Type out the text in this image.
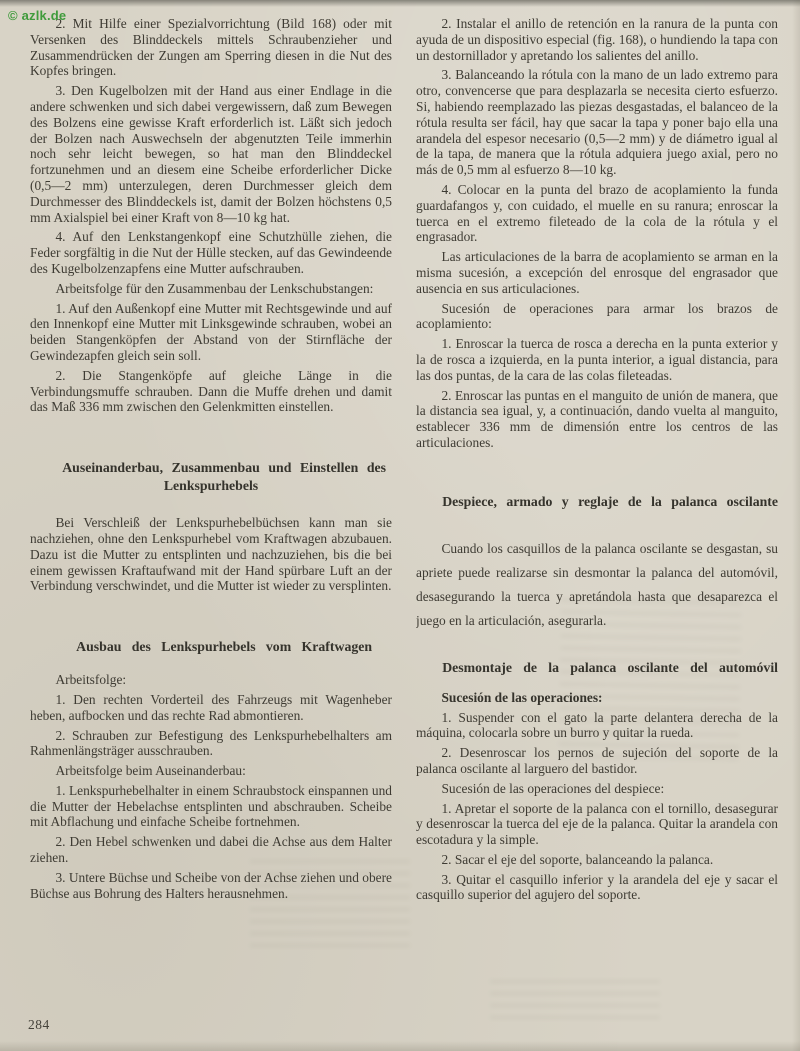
© azlk.de

2. Mit Hilfe einer Spezialvorrichtung (Bild 168) oder mit Versenken des Blinddeckels mittels Schraubenzieher und Zusammendrücken der Zungen am Sperring diesen in die Nut des Kopfes bringen.

3. Den Kugelbolzen mit der Hand aus einer Endlage in die andere schwenken und sich dabei vergewissern, daß zum Bewegen des Bolzens eine gewisse Kraft erforderlich ist. Läßt sich jedoch der Bolzen nach Auswechseln der abgenutzten Teile immerhin noch sehr leicht bewegen, so hat man den Blinddeckel fortzunehmen und an diesem eine Scheibe erforderlicher Dicke (0,5—2 mm) unterzulegen, deren Durchmesser gleich dem Durchmesser des Blinddeckels ist, damit der Bolzen höchstens 0,5 mm Axialspiel bei einer Kraft von 8—10 kg hat.

4. Auf den Lenkstangenkopf eine Schutzhülle ziehen, die Feder sorgfältig in die Nut der Hülle stecken, auf das Gewindeende des Kugelbolzenzapfens eine Mutter aufschrauben.

Arbeitsfolge für den Zusammenbau der Lenkschubstangen:

1. Auf den Außenkopf eine Mutter mit Rechtsgewinde und auf den Innenkopf eine Mutter mit Linksgewinde schrauben, wobei an beiden Stangenköpfen der Abstand von der Stirnfläche der Gewindezapfen gleich sein soll.

2. Die Stangenköpfe auf gleiche Länge in die Verbindungsmuffe schrauben. Dann die Muffe drehen und damit das Maß 336 mm zwischen den Gelenkmitten einstellen.

Auseinanderbau, Zusammenbau und Einstellen des Lenkspurhebels

Bei Verschleiß der Lenkspurhebelbüchsen kann man sie nachziehen, ohne den Lenkspurhebel vom Kraftwagen abzubauen. Dazu ist die Mutter zu entsplinten und nachzuziehen, bis die bei einem gewissen Kraftaufwand mit der Hand spürbare Luft an der Verbindung verschwindet, und die Mutter ist wieder zu versplinten.

Ausbau des Lenkspurhebels vom Kraftwagen

Arbeitsfolge:

1. Den rechten Vorderteil des Fahrzeugs mit Wagenheber heben, aufbocken und das rechte Rad abmontieren.

2. Schrauben zur Befestigung des Lenkspurhebelhalters am Rahmenlängsträger ausschrauben.

Arbeitsfolge beim Auseinanderbau:

1. Lenkspurhebelhalter in einem Schraubstock einspannen und die Mutter der Hebelachse entsplinten und abschrauben. Scheibe mit Abflachung und einfache Scheibe fortnehmen.

2. Den Hebel schwenken und dabei die Achse aus dem Halter ziehen.

3. Untere Büchse und Scheibe von der Achse ziehen und obere Büchse aus Bohrung des Halters herausnehmen.

2. Instalar el anillo de retención en la ranura de la punta con ayuda de un dispositivo especial (fig. 168), o hundiendo la tapa con un destornillador y apretando los salientes del anillo.

3. Balanceando la rótula con la mano de un lado extremo para otro, convencerse que para desplazarla se necesita cierto esfuerzo. Si, habiendo reemplazado las piezas desgastadas, el balanceo de la rótula resulta ser fácil, hay que sacar la tapa y poner bajo ella una arandela del espesor necesario (0,5—2 mm) y de diámetro igual al de la tapa, de manera que la rótula adquiera juego axial, pero no más de 0,5 mm al esfuerzo 8—10 kg.

4. Colocar en la punta del brazo de acoplamiento la funda guardafangos y, con cuidado, el muelle en su ranura; enroscar la tuerca en el extremo fileteado de la cola de la rótula y el engrasador.

Las articulaciones de la barra de acoplamiento se arman en la misma sucesión, a excepción del enrosque del engrasador que ausencia en sus articulaciones.

Sucesión de operaciones para armar los brazos de acoplamiento:

1. Enroscar la tuerca de rosca a derecha en la punta exterior y la de rosca a izquierda, en la punta interior, a igual distancia, para las dos puntas, de la cara de las colas fileteadas.

2. Enroscar las puntas en el manguito de unión de manera, que la distancia sea igual, y, a continuación, dando vuelta al manguito, establecer 336 mm de dimensión entre los centros de las articulaciones.

Despiece, armado y reglaje de la palanca oscilante

Cuando los casquillos de la palanca oscilante se desgastan, su apriete puede realizarse sin desmontar la palanca del automóvil, desasegurando la tuerca y apretándola hasta que desaparezca el juego en la articulación, asegurarla.

Desmontaje de la palanca oscilante del automóvil

Sucesión de las operaciones:

1. Suspender con el gato la parte delantera derecha de la máquina, colocarla sobre un burro y quitar la rueda.

2. Desenroscar los pernos de sujeción del soporte de la palanca oscilante al larguero del bastidor.

Sucesión de las operaciones del despiece:

1. Apretar el soporte de la palanca con el tornillo, desasegurar y desenroscar la tuerca del eje de la palanca. Quitar la arandela con escotadura y la simple.

2. Sacar el eje del soporte, balanceando la palanca.

3. Quitar el casquillo inferior y la arandela del eje y sacar el casquillo superior del agujero del soporte.

284
